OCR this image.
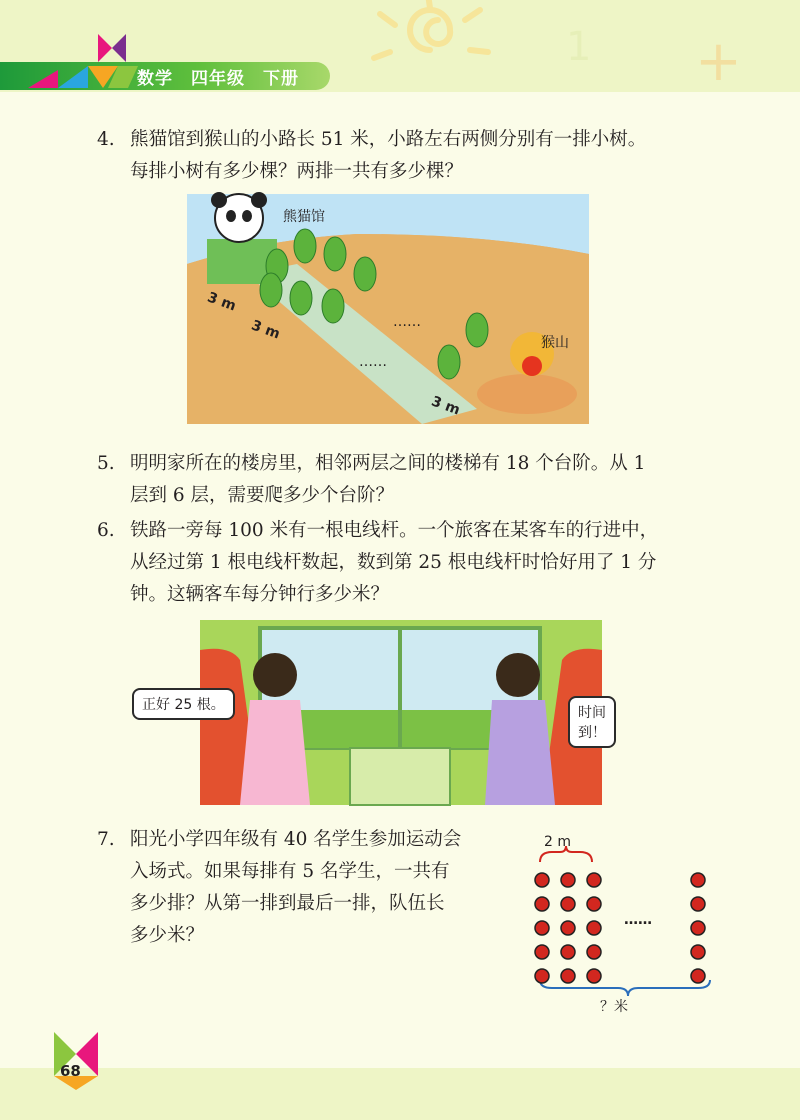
1 +
数学　四年级　下册
4. 熊猫馆到猴山的小路长 51 米，小路左右两侧分别有一排小树。
每排小树有多少棵？两排一共有多少棵？
熊猫馆
猴山
3 m
3 m
3 m
……
……
5. 明明家所在的楼房里，相邻两层之间的楼梯有 18 个台阶。从 1
层到 6 层，需要爬多少个台阶？
6. 铁路一旁每 100 米有一根电线杆。一个旅客在某客车的行进中，
从经过第 1 根电线杆数起，数到第 25 根电线杆时恰好用了 1 分
钟。这辆客车每分钟行多少米？
正好 25 根。	时间到！
7. 阳光小学四年级有 40 名学生参加运动会
入场式。如果每排有 5 名学生，一共有
多少排？从第一排到最后一排，队伍长
多少米？
2 m
？米
……
68
